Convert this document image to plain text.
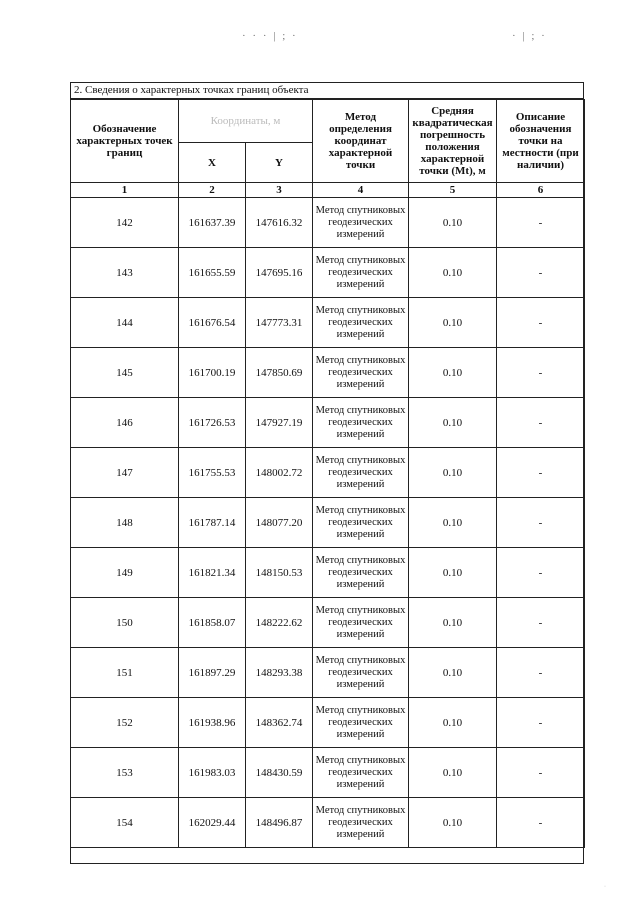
· · · | ; ·	· | ; ·
2. Сведения о характерных точках границ объекта
Обозначение характерных точек границ	Координаты, м		Метод определения координат характерной точки	Средняя квадратическая погрешность положения характерной точки (Mt), м	Описание обозначения точки на местности (при наличии)
	X	Y			
1	2	3	4	5	6
142	161637.39	147616.32	Метод спутниковых геодезических измерений	0.10	-
143	161655.59	147695.16	Метод спутниковых геодезических измерений	0.10	-
144	161676.54	147773.31	Метод спутниковых геодезических измерений	0.10	-
145	161700.19	147850.69	Метод спутниковых геодезических измерений	0.10	-
146	161726.53	147927.19	Метод спутниковых геодезических измерений	0.10	-
147	161755.53	148002.72	Метод спутниковых геодезических измерений	0.10	-
148	161787.14	148077.20	Метод спутниковых геодезических измерений	0.10	-
149	161821.34	148150.53	Метод спутниковых геодезических измерений	0.10	-
150	161858.07	148222.62	Метод спутниковых геодезических измерений	0.10	-
151	161897.29	148293.38	Метод спутниковых геодезических измерений	0.10	-
152	161938.96	148362.74	Метод спутниковых геодезических измерений	0.10	-
153	161983.03	148430.59	Метод спутниковых геодезических измерений	0.10	-
154	162029.44	148496.87	Метод спутниковых геодезических измерений	0.10	-
·
